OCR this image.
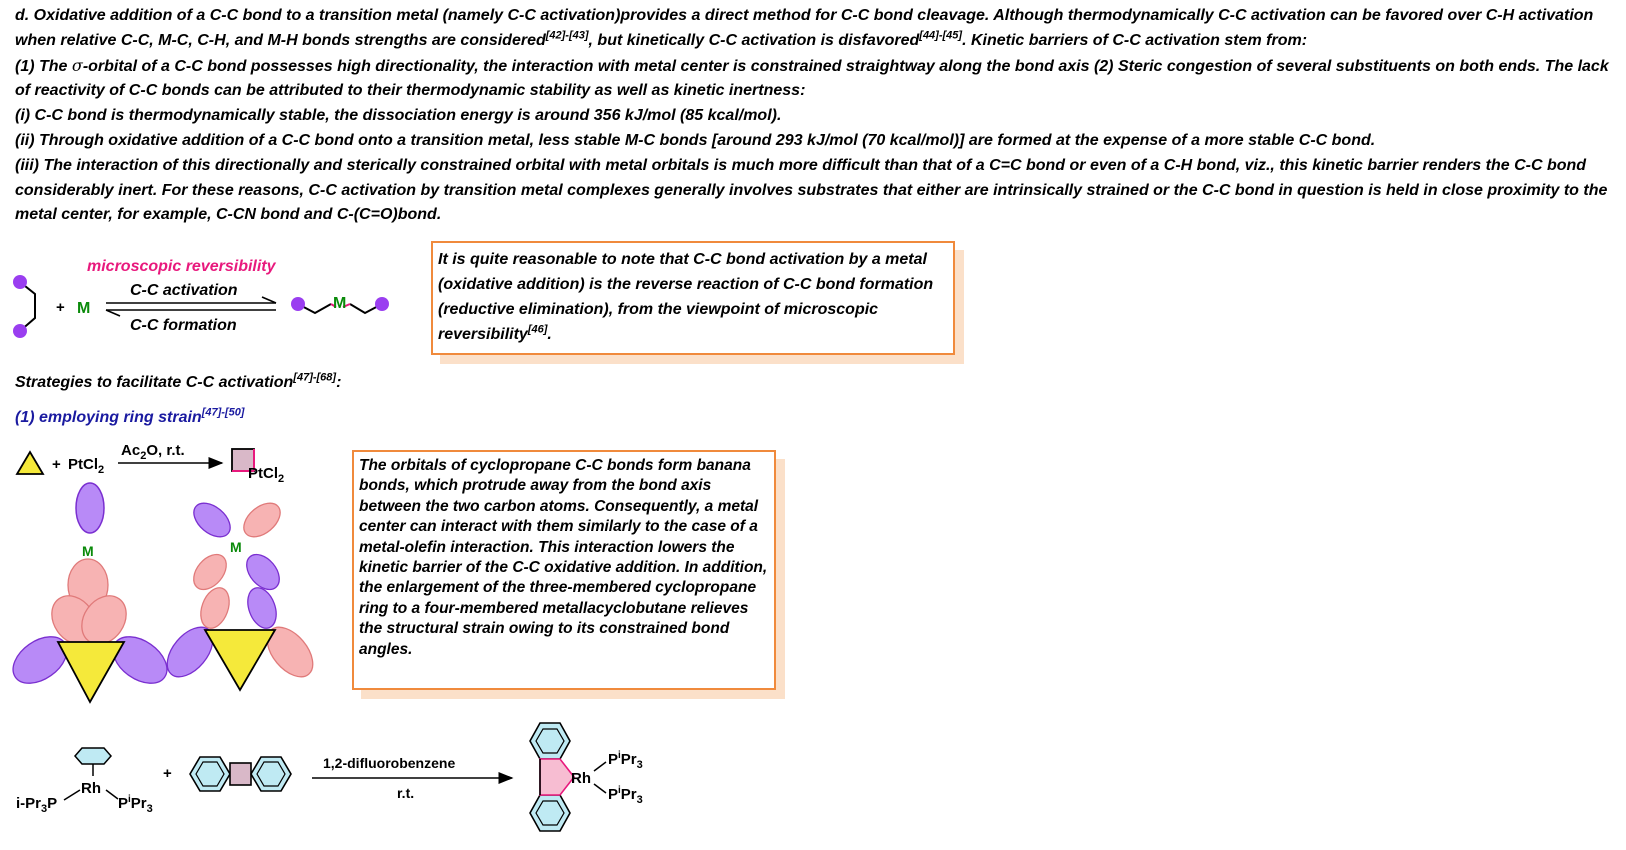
d. Oxidative addition of a C-C bond to a transition metal (namely C-C activation)provides a direct method for C-C bond cleavage. Although thermodynamically C-C activation can be favored over C-H activation when relative C-C, M-C, C-H, and M-H bonds strengths are considered[42]-[43], but kinetically C-C activation is disfavored[44]-[45]. Kinetic barriers of C-C activation stem from:

(1) The σ-orbital of a C-C bond possesses high directionality, the interaction with metal center is constrained straightway along the bond axis (2) Steric congestion of several substituents on both ends. The lack of reactivity of C-C bonds can be attributed to their thermodynamic stability as well as kinetic inertness:

(i) C-C bond is thermodynamically stable, the dissociation energy is around 356 kJ/mol (85 kcal/mol).

(ii) Through oxidative addition of a C-C bond onto a transition metal, less stable M-C bonds [around 293 kJ/mol (70 kcal/mol)] are formed at the expense of a more stable C-C bond.

(iii) The interaction of this directionally and sterically constrained orbital with metal orbitals is much more difficult than that of a C=C bond or even of a C-H bond, viz., this kinetic barrier renders the C-C bond considerably inert. For these reasons, C-C activation by transition metal complexes generally involves substrates that either are intrinsically strained or the C-C bond in question is held in close proximity to the metal center, for example, C-CN bond and C-(C=O)bond.

It is quite reasonable to note that C-C bond activation by a metal (oxidative addition) is the reverse reaction of C-C bond formation (reductive elimination), from the viewpoint of microscopic reversibility[46].
Strategies to facilitate C-C activation[47]-[68]:
(1) employing ring strain[47]-[50]
The orbitals of cyclopropane C-C bonds form banana bonds, which protrude away from the bond axis between the two carbon atoms. Consequently, a metal center can interact with them similarly to the case of a metal-olefin interaction. This interaction lowers the kinetic barrier of the C-C oxidative addition. In addition, the enlargement of the three-membered cyclopropane ring to a four-membered metallacyclobutane relieves the structural strain owing to its constrained bond angles.
+ M
microscopic reversibility
C-C activation
C-C formation
M
+ PtCl$_2$
$Ac_2O$, r.t.
PtCl$_2$
M	M
Rh
$i-Pr_3P$	$P^iPr_3$
+
1,2-difluorobenzene
r.t.
Rh
$P^iPr_3$
$P^iPr_3$
